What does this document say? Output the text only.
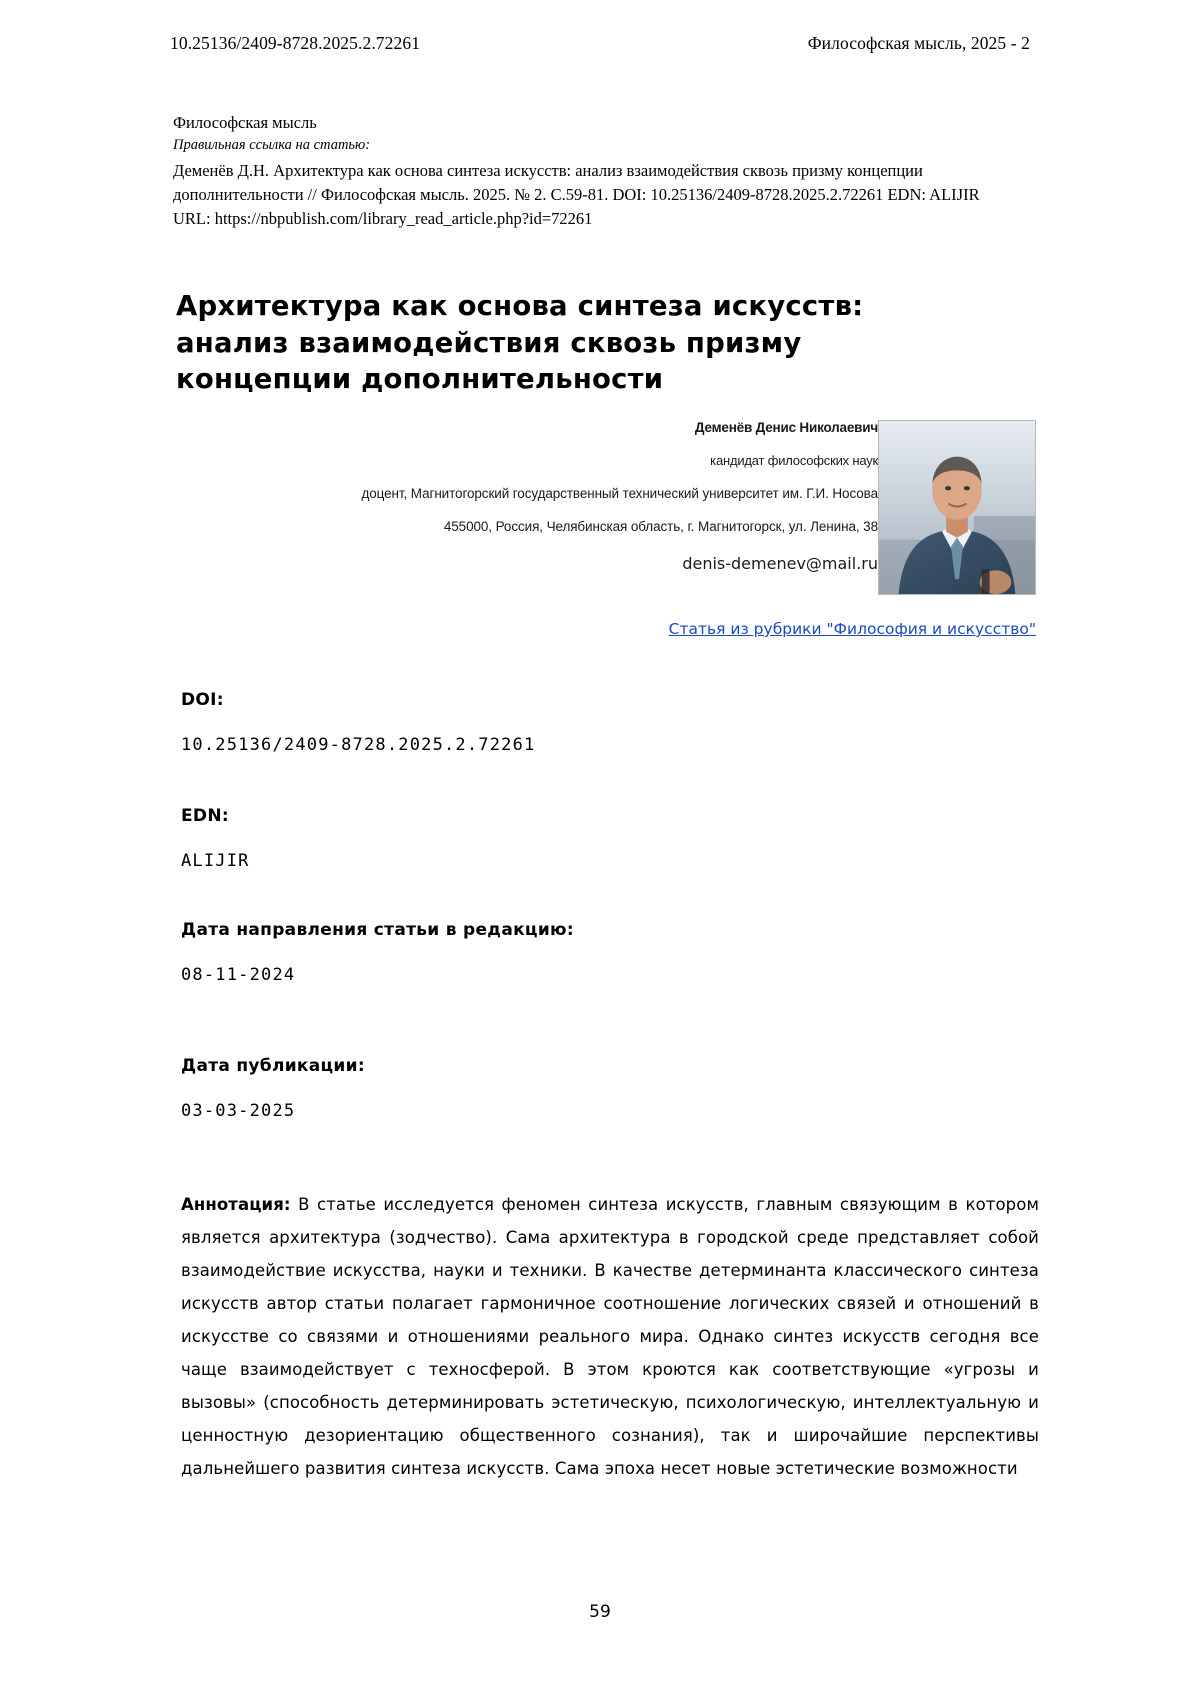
10.25136/2409-8728.2025.2.72261	Философская мысль, 2025 - 2
Философская мысль
Правильная ссылка на статью:
Деменёв Д.Н. Архитектура как основа синтеза искусств: анализ взаимодействия сквозь призму концепции дополнительности // Философская мысль. 2025. № 2. C.59-81. DOI: 10.25136/2409-8728.2025.2.72261 EDN: ALIJIR URL: https://nbpublish.com/library_read_article.php?id=72261
Архитектура как основа синтеза искусств: анализ взаимодействия сквозь призму концепции дополнительности
Деменёв Денис Николаевич
кандидат философских наук
доцент, Магнитогорский государственный технический университет им. Г.И. Носова
455000, Россия, Челябинская область, г. Магнитогорск, ул. Ленина, 38
denis-demenev@mail.ru
Статья из рубрики "Философия и искусство"
DOI:
10.25136/2409-8728.2025.2.72261
EDN:
ALIJIR
Дата направления статьи в редакцию:
08-11-2024
Дата публикации:
03-03-2025
Аннотация: В статье исследуется феномен синтеза искусств, главным связующим в котором является архитектура (зодчество). Сама архитектура в городской среде представляет собой взаимодействие искусства, науки и техники. В качестве детерминанта классического синтеза искусств автор статьи полагает гармоничное соотношение логических связей и отношений в искусстве со связями и отношениями реального мира. Однако синтез искусств сегодня все чаще взаимодействует с техносферой. В этом кроются как соответствующие «угрозы и вызовы» (способность детерминировать эстетическую, психологическую, интеллектуальную и ценностную дезориентацию общественного сознания), так и широчайшие перспективы дальнейшего развития синтеза искусств. Сама эпоха несет новые эстетические возможности
59
